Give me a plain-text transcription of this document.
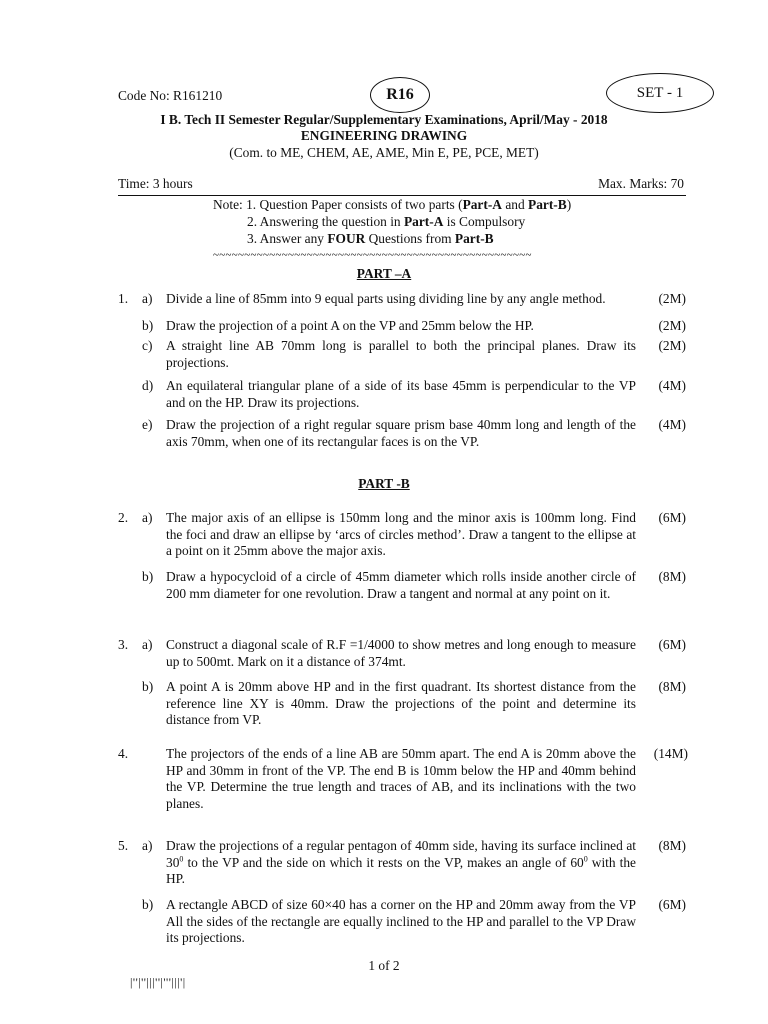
Code No: R161210	R16	SET - 1
I B. Tech II Semester Regular/Supplementary Examinations, April/May - 2018
ENGINEERING DRAWING
(Com. to ME, CHEM, AE, AME, Min E, PE, PCE, MET)
Time: 3 hours	Max. Marks: 70
Note: 1. Question Paper consists of two parts (Part-A and Part-B)
2. Answering the question in Part-A is Compulsory
3. Answer any FOUR Questions from Part-B
~~~~~~~~~~~~~~~~~~~~~~~~~~~~~~~~~~~~~~~~~~~~~~~~~~~
PART –A
1. a) Divide a line of 85mm into 9 equal parts using dividing line by any angle method.	(2M)
b) Draw the projection of a point A on the VP and 25mm below the HP.	(2M)
c) A straight line AB 70mm long is parallel to both the principal planes. Draw its projections.
(2M)
d) An equilateral triangular plane of a side of its base 45mm is perpendicular to the VP and on the HP. Draw its projections.
(4M)
e) Draw the projection of a right regular square prism base 40mm long and length of the axis 70mm, when one of its rectangular faces is on the VP.
(4M)
PART -B
2. a) The major axis of an ellipse is 150mm long and the minor axis is 100mm long. Find the foci and draw an ellipse by ‘arcs of circles method’. Draw a tangent to the ellipse at a point on it 25mm above the major axis.
(6M)
b) Draw a hypocycloid of a circle of 45mm diameter which rolls inside another circle of 200 mm diameter for one revolution. Draw a tangent and normal at any point on it.
(8M)
3. a) Construct a diagonal scale of R.F =1/4000 to show metres and long enough to measure up to 500mt. Mark on it a distance of 374mt.
(6M)
b) A point A is 20mm above HP and in the first quadrant. Its shortest distance from the reference line XY is 40mm. Draw the projections of the point and determine its distance from VP.
(8M)
4.	The projectors of the ends of a line AB are 50mm apart. The end A is 20mm above the HP and 30mm in front of the VP. The end B is 10mm below the HP and 40mm behind the VP. Determine the true length and traces of AB, and its inclinations with the two planes.
(14M)
5. a) Draw the projections of a regular pentagon of 40mm side, having its surface inclined at $30^0$ to the VP and the side on which it rests on the VP, makes an angle of $60^0$ with the HP.
(8M)
b) A rectangle ABCD of size 60×40 has a corner on the HP and 20mm away from the VP All the sides of the rectangle are equally inclined to the HP and parallel to the VP Draw its projections.
(6M)
1 of 2
|''|''|||''|'''|||'|
